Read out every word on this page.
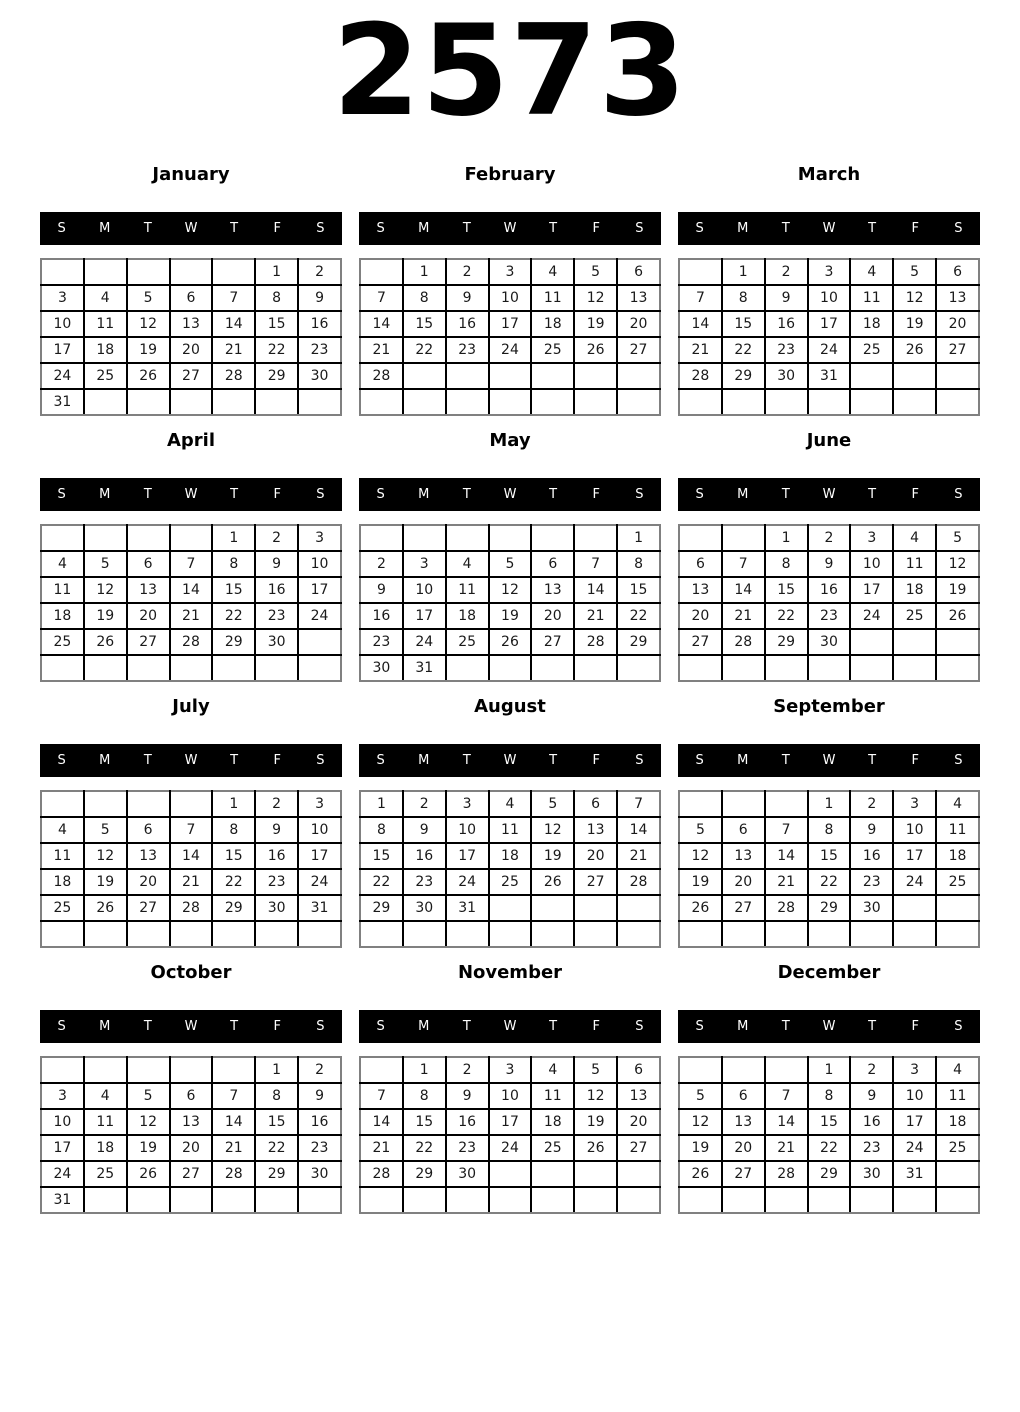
2573
January
S	M	T	W	T	F	S
					1	2
3	4	5	6	7	8	9
10	11	12	13	14	15	16
17	18	19	20	21	22	23
24	25	26	27	28	29	30
31						
February
S	M	T	W	T	F	S
	1	2	3	4	5	6
7	8	9	10	11	12	13
14	15	16	17	18	19	20
21	22	23	24	25	26	27
28						

March
S	M	T	W	T	F	S
	1	2	3	4	5	6
7	8	9	10	11	12	13
14	15	16	17	18	19	20
21	22	23	24	25	26	27
28	29	30	31			

April
S	M	T	W	T	F	S
				1	2	3
4	5	6	7	8	9	10
11	12	13	14	15	16	17
18	19	20	21	22	23	24
25	26	27	28	29	30	

May
S	M	T	W	T	F	S
						1
2	3	4	5	6	7	8
9	10	11	12	13	14	15
16	17	18	19	20	21	22
23	24	25	26	27	28	29
30	31					
June
S	M	T	W	T	F	S
		1	2	3	4	5
6	7	8	9	10	11	12
13	14	15	16	17	18	19
20	21	22	23	24	25	26
27	28	29	30			

July
S	M	T	W	T	F	S
				1	2	3
4	5	6	7	8	9	10
11	12	13	14	15	16	17
18	19	20	21	22	23	24
25	26	27	28	29	30	31

August
S	M	T	W	T	F	S
1	2	3	4	5	6	7
8	9	10	11	12	13	14
15	16	17	18	19	20	21
22	23	24	25	26	27	28
29	30	31				

September
S	M	T	W	T	F	S
			1	2	3	4
5	6	7	8	9	10	11
12	13	14	15	16	17	18
19	20	21	22	23	24	25
26	27	28	29	30		

October
S	M	T	W	T	F	S
					1	2
3	4	5	6	7	8	9
10	11	12	13	14	15	16
17	18	19	20	21	22	23
24	25	26	27	28	29	30
31						
November
S	M	T	W	T	F	S
	1	2	3	4	5	6
7	8	9	10	11	12	13
14	15	16	17	18	19	20
21	22	23	24	25	26	27
28	29	30				

December
S	M	T	W	T	F	S
			1	2	3	4
5	6	7	8	9	10	11
12	13	14	15	16	17	18
19	20	21	22	23	24	25
26	27	28	29	30	31	
